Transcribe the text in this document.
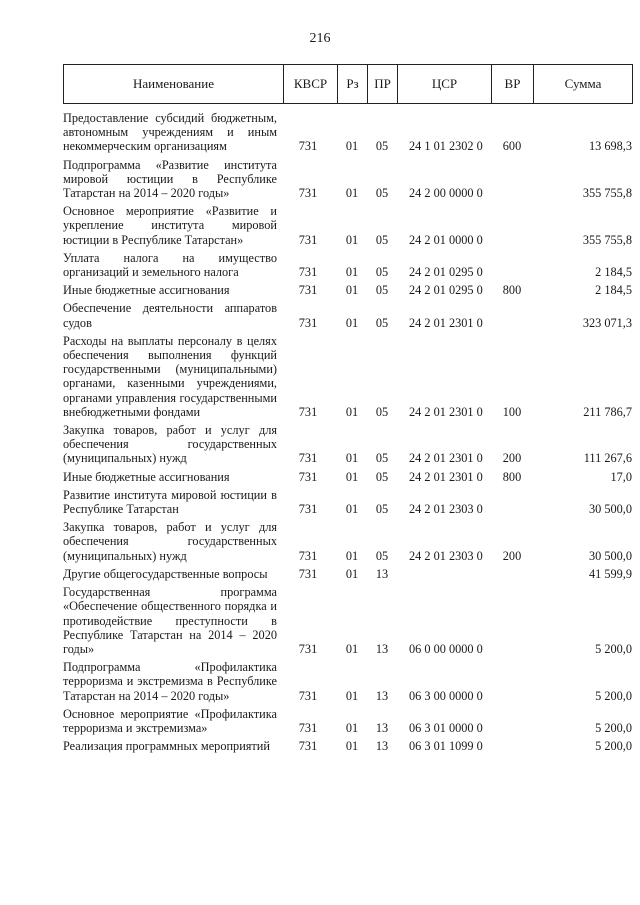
216
Наименование	КВСР	Рз	ПР	ЦСР	ВР	Сумма
Предоставление субсидий бюджетным, автономным учреждениям и иным некоммерческим организациям	731	01	05	24 1 01 2302 0	600	13 698,3
Подпрограмма «Развитие института мировой юстиции в Республике Татарстан на 2014 – 2020 годы»	731	01	05	24 2 00 0000 0		355 755,8
Основное мероприятие «Развитие и укрепление института мировой юстиции в Республике Татарстан»	731	01	05	24 2 01 0000 0		355 755,8
Уплата налога на имущество организаций и земельного налога	731	01	05	24 2 01 0295 0		2 184,5
Иные бюджетные ассигнования	731	01	05	24 2 01 0295 0	800	2 184,5
Обеспечение деятельности аппаратов судов	731	01	05	24 2 01 2301 0		323 071,3
Расходы на выплаты персоналу в целях обеспечения выполнения функций государственными (муниципальными) органами, казенными учреждениями, органами управления государственными внебюджетными фондами	731	01	05	24 2 01 2301 0	100	211 786,7
Закупка товаров, работ и услуг для обеспечения государственных (муниципальных) нужд	731	01	05	24 2 01 2301 0	200	111 267,6
Иные бюджетные ассигнования	731	01	05	24 2 01 2301 0	800	17,0
Развитие института мировой юстиции в Республике Татарстан	731	01	05	24 2 01 2303 0		30 500,0
Закупка товаров, работ и услуг для обеспечения государственных (муниципальных) нужд	731	01	05	24 2 01 2303 0	200	30 500,0
Другие общегосударственные вопросы	731	01	13			41 599,9
Государственная программа «Обеспечение общественного порядка и противодействие преступности в Республике Татарстан на 2014 – 2020 годы»	731	01	13	06 0 00 0000 0		5 200,0
Подпрограмма «Профилактика терроризма и экстремизма в Республике Татарстан на 2014 – 2020 годы»	731	01	13	06 3 00 0000 0		5 200,0
Основное мероприятие «Профилактика терроризма и экстремизма»	731	01	13	06 3 01 0000 0		5 200,0
Реализация программных мероприятий	731	01	13	06 3 01 1099 0		5 200,0
